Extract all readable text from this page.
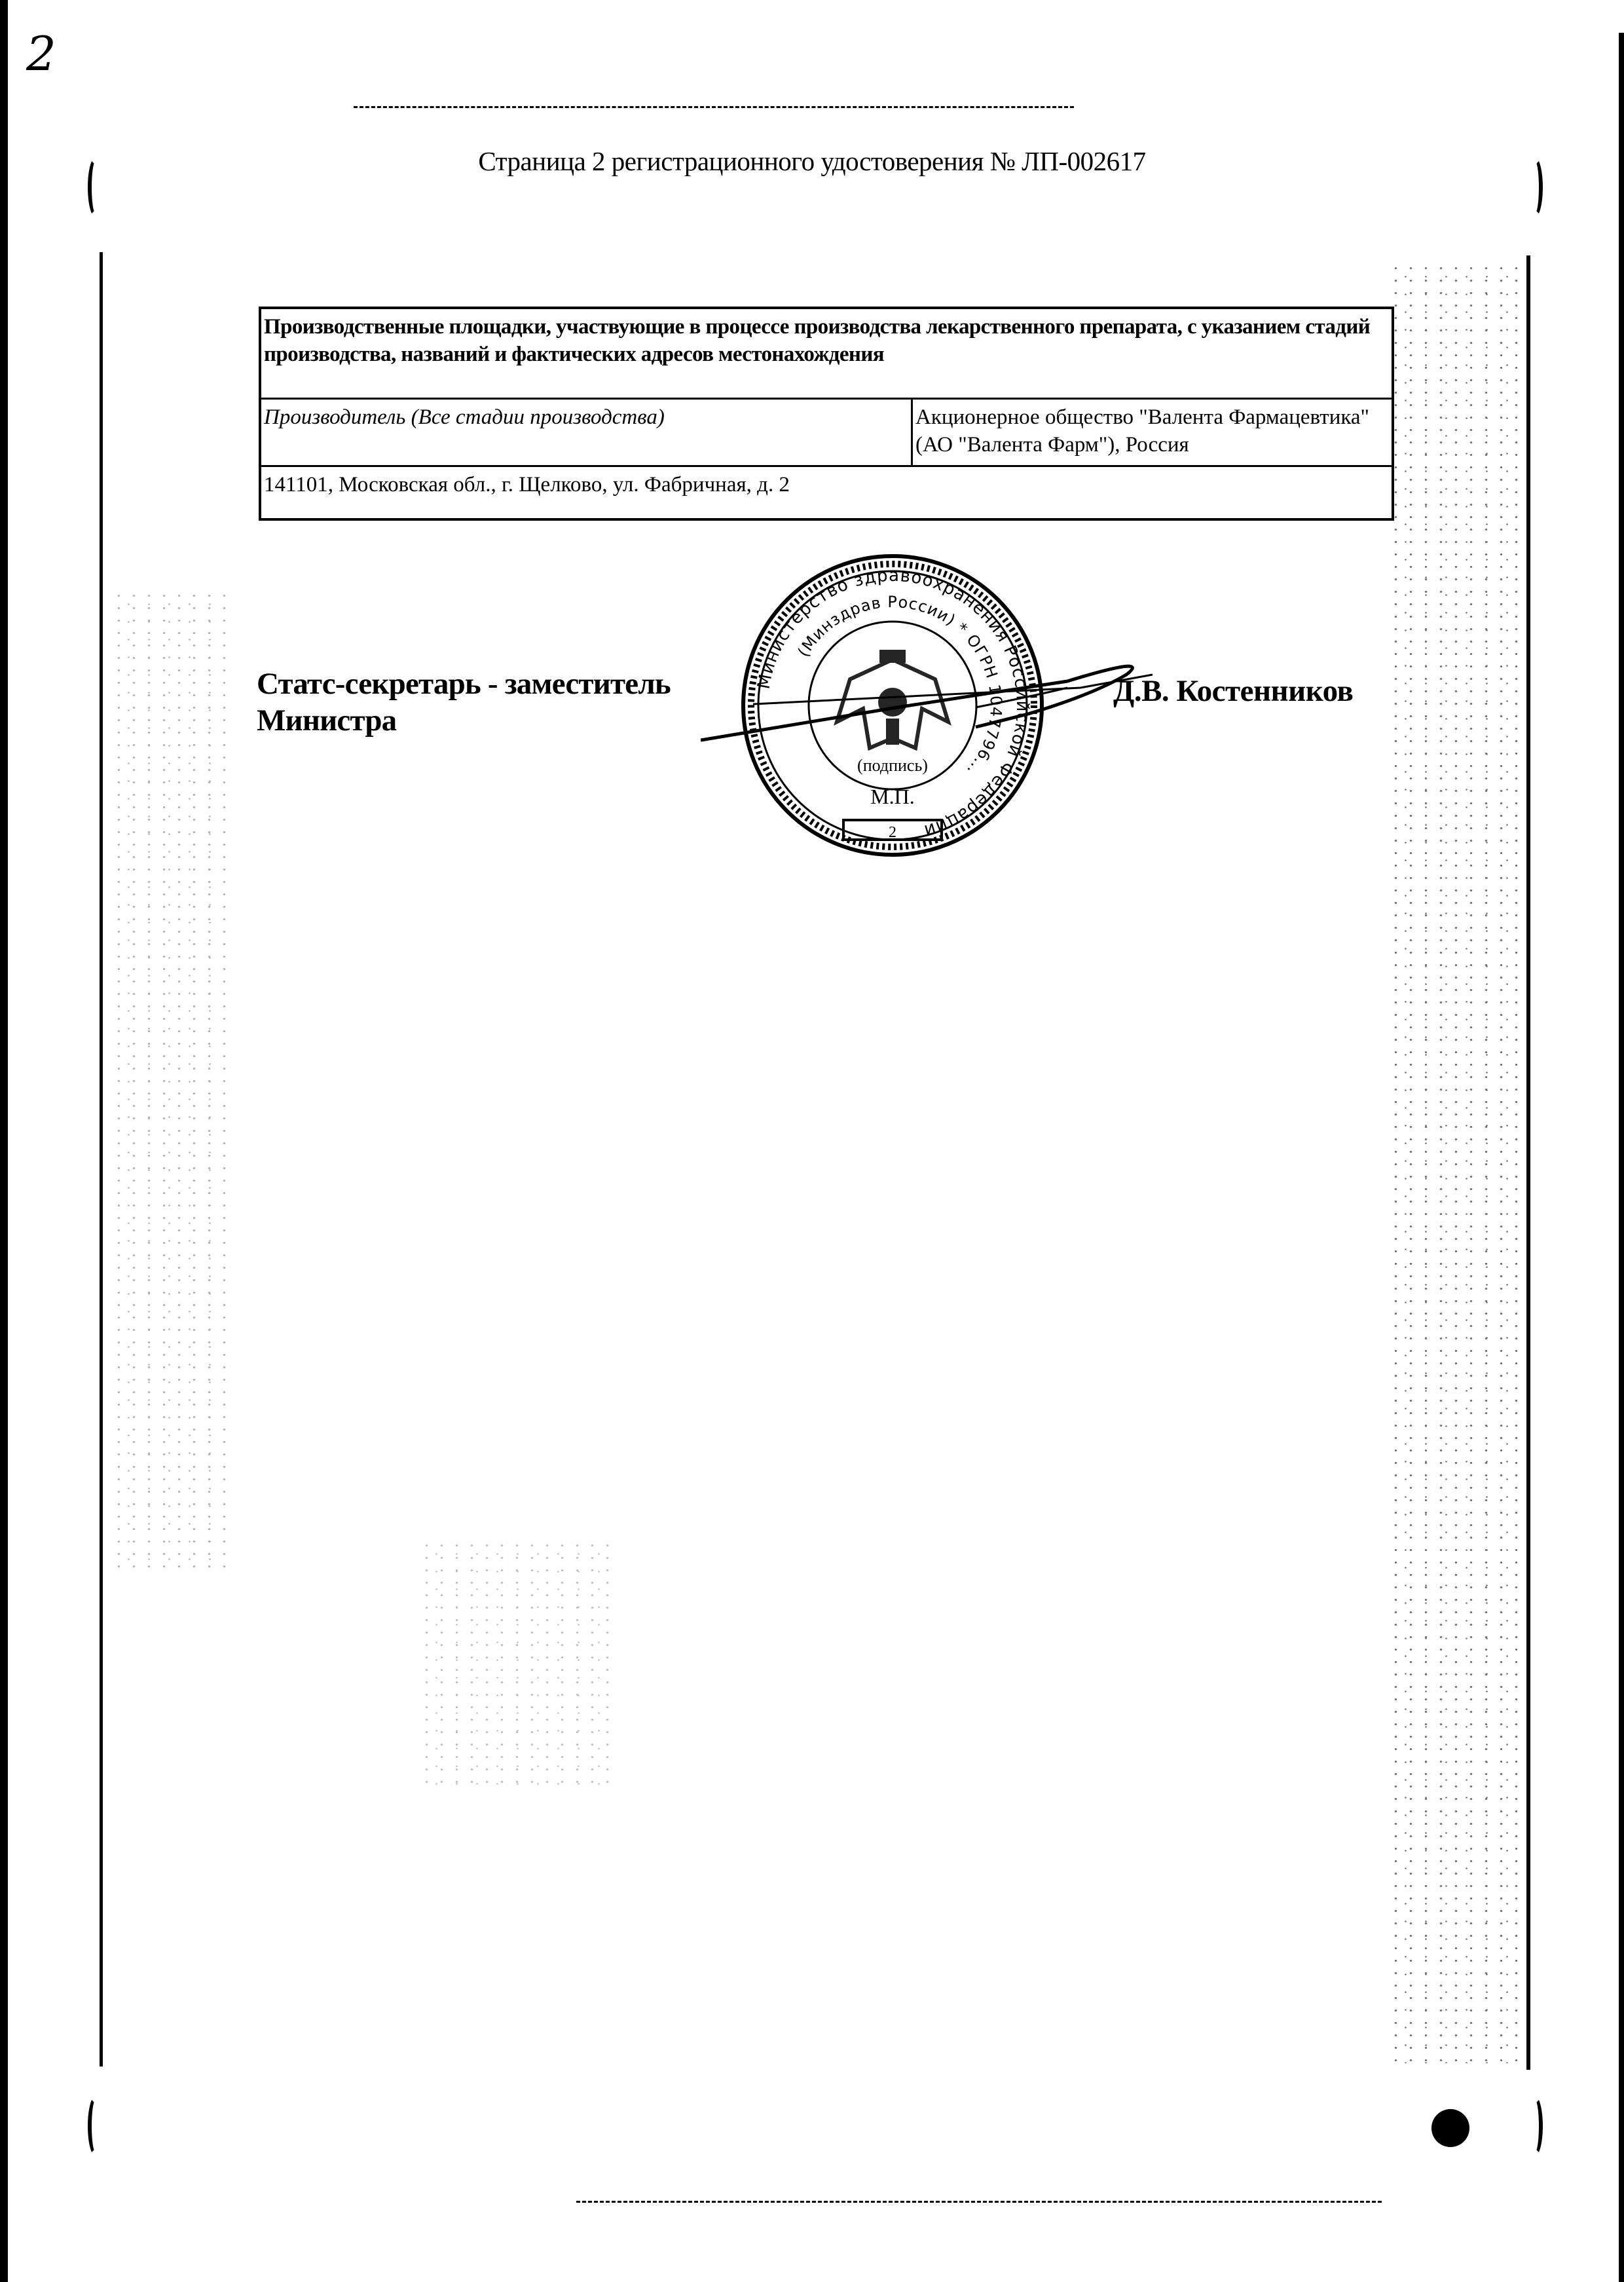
2
Страница 2 регистрационного удостоверения № ЛП-002617
Производственные площадки, участвующие в процессе производства лекарственного препарата, с указанием стадий производства, названий и фактических адресов местонахождения
Производитель (Все стадии производства)	Акционерное общество "Валента Фармацевтика" (АО "Валента Фарм"), Россия
141101, Московская обл., г. Щелково, ул. Фабричная, д. 2
Статс-секретарь - заместитель
Министра
Д.В. Костенников
Министерство здравоохранения Российской Федерации
(Минздрав России) * ОГРН 1047796...
(подпись)
М.П.
2
